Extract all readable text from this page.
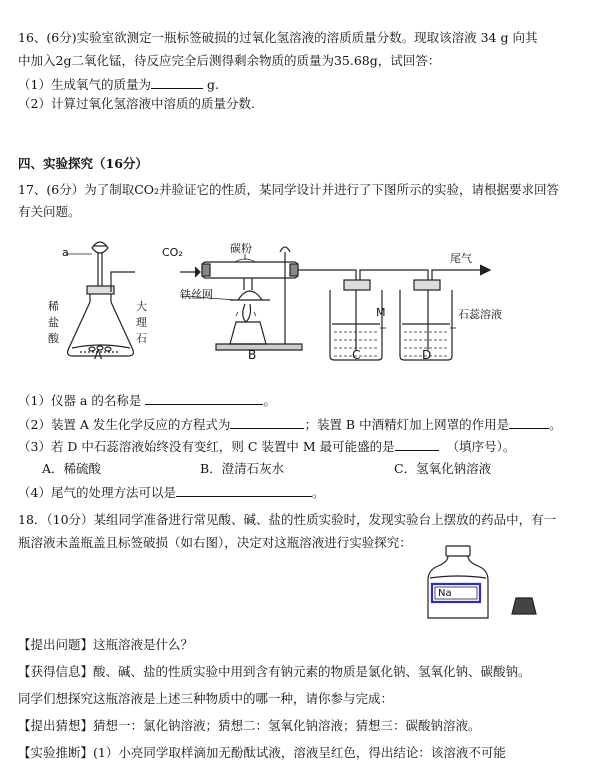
16、(6分)实验室欲测定一瓶标签破损的过氧化氢溶液的溶质质量分数。现取该溶液 34 g 向其
中加入2g二氧化锰，待反应完全后测得剩余物质的质量为35.68g，试回答：
（1）生成氧气的质量为	g.
（2）计算过氧化氢溶液中溶质的质量分数.
四、实验探究（16分）
17、(6分）为了制取CO₂并验证它的性质，某同学设计并进行了下图所示的实验，请根据要求回答
有关问题。
a	CO₂	碳粉
尾气
铁丝网
M	石蕊溶液
稀
盐
酸
大
理
石
A	B	C	D
（1）仪器 a 的名称是	。
（2）装置 A 发生化学反应的方程式为	；装置 B 中酒精灯加上网罩的作用是	。
（3）若 D 中石蕊溶液始终没有变红，则 C 装置中 M 最可能盛的是	（填序号）。
A．稀硫酸	B．澄清石灰水	C．氢氧化钠溶液
（4）尾气的处理方法可以是	。
18．（10分）某组同学准备进行常见酸、碱、盐的性质实验时，发现实验台上摆放的药品中，有一
瓶溶液未盖瓶盖且标签破损（如右图），决定对这瓶溶液进行实验探究：
Na
【提出问题】这瓶溶液是什么？
【获得信息】酸、碱、盐的性质实验中用到含有钠元素的物质是氯化钠、氢氧化钠、碳酸钠。
同学们想探究这瓶溶液是上述三种物质中的哪一种，请你参与完成：
【提出猜想】猜想一：氯化钠溶液；猜想二：氢氧化钠溶液；猜想三：碳酸钠溶液。
【实验推断】(1）小亮同学取样滴加无酚酞试液，溶液呈红色，得出结论：该溶液不可能
